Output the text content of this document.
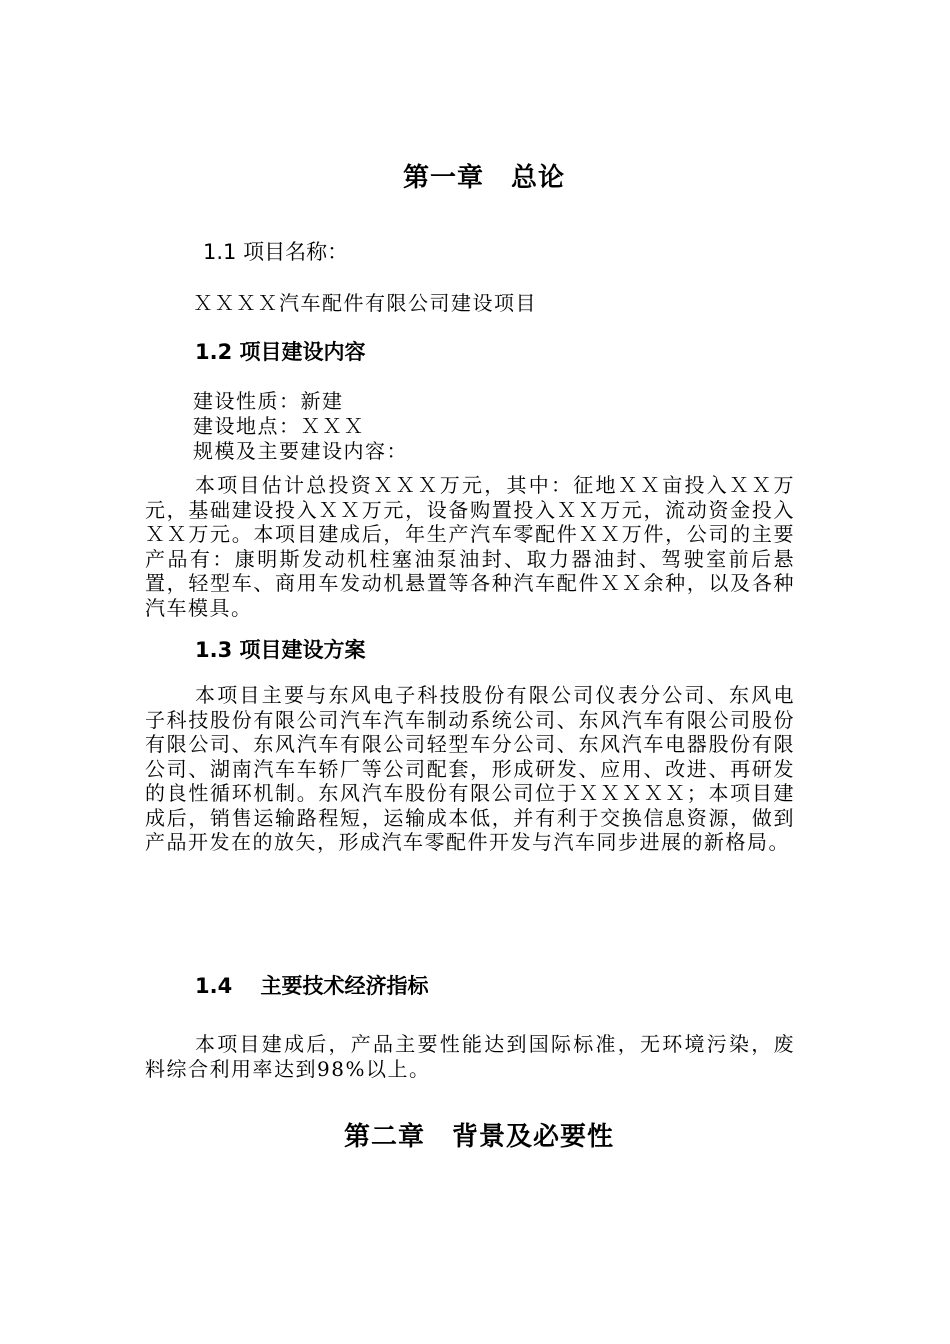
第一章　总论
1.1 项目名称：
ＸＸＸＸ汽车配件有限公司建设项目
1.2 项目建设内容
建设性质：新建
建设地点：ＸＸＸ
规模及主要建设内容：
本项目估计总投资ＸＸＸ万元，其中：征地ＸＸ亩投入ＸＸ万元，基础建设投入ＸＸ万元，设备购置投入ＸＸ万元，流动资金投入ＸＸ万元。本项目建成后，年生产汽车零配件ＸＸ万件，公司的主要产品有：康明斯发动机柱塞油泵油封、取力器油封、驾驶室前后悬置，轻型车、商用车发动机悬置等各种汽车配件ＸＸ余种，以及各种汽车模具。
1.3 项目建设方案
本项目主要与东风电子科技股份有限公司仪表分公司、东风电子科技股份有限公司汽车汽车制动系统公司、东风汽车有限公司股份有限公司、东风汽车有限公司轻型车分公司、东风汽车电器股份有限公司、湖南汽车车轿厂等公司配套，形成研发、应用、改进、再研发的良性循环机制。东风汽车股份有限公司位于ＸＸＸＸＸ；本项目建成后，销售运输路程短，运输成本低，并有利于交换信息资源，做到产品开发在的放矢，形成汽车零配件开发与汽车同步进展的新格局。
1.4　 主要技术经济指标
本项目建成后，产品主要性能达到国际标准，无环境污染，废料综合利用率达到98%以上。
第二章　背景及必要性
